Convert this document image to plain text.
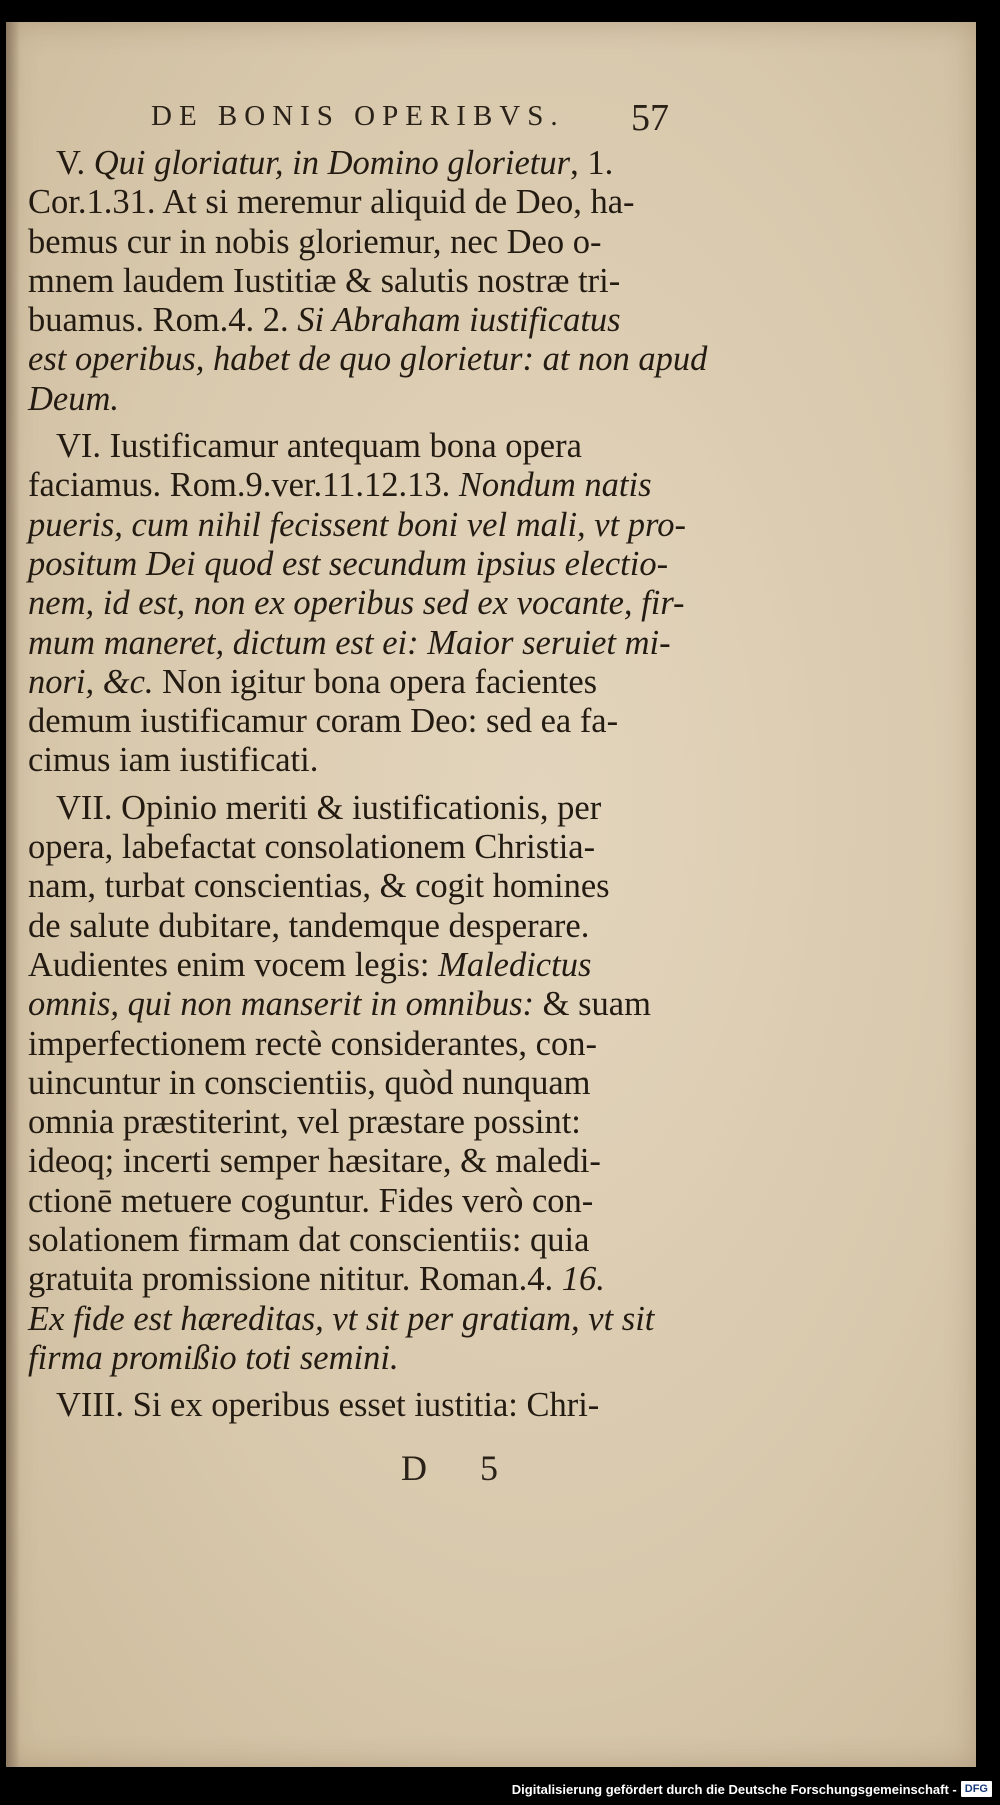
DE BONIS OPERIBVS. 57
V. Qui gloriatur, in Domino glorietur, 1.
Cor.1.31. At si meremur aliquid de Deo, ha-
bemus cur in nobis gloriemur, nec Deo o-
mnem laudem Iustitiæ & salutis nostræ tri-
buamus. Rom.4. 2. Si Abraham iustificatus
est operibus, habet de quo glorietur: at non apud
Deum.
VI. Iustificamur antequam bona opera
faciamus. Rom.9.ver.11.12.13. Nondum natis
pueris, cum nihil fecissent boni vel mali, vt pro-
positum Dei quod est secundum ipsius electio-
nem, id est, non ex operibus sed ex vocante, fir-
mum maneret, dictum est ei: Maior seruiet mi-
nori, &c. Non igitur bona opera facientes
demum iustificamur coram Deo: sed ea fa-
cimus iam iustificati.
VII. Opinio meriti & iustificationis, per
opera, labefactat consolationem Christia-
nam, turbat conscientias, & cogit homines
de salute dubitare, tandemque desperare.
Audientes enim vocem legis: Maledictus
omnis, qui non manserit in omnibus: & suam
imperfectionem rectè considerantes, con-
uincuntur in conscientiis, quòd nunquam
omnia præstiterint, vel præstare possint:
ideoq; incerti semper hæsitare, & maledi-
ctionē metuere coguntur. Fides verò con-
solationem firmam dat conscientiis: quia
gratuita promissione nititur. Roman.4. 16.
Ex fide est hæreditas, vt sit per gratiam, vt sit
firma promißio toti semini.
VIII. Si ex operibus esset iustitia: Chri-
D 5
Digitalisierung gefördert durch die Deutsche Forschungsgemeinschaft - DFG
